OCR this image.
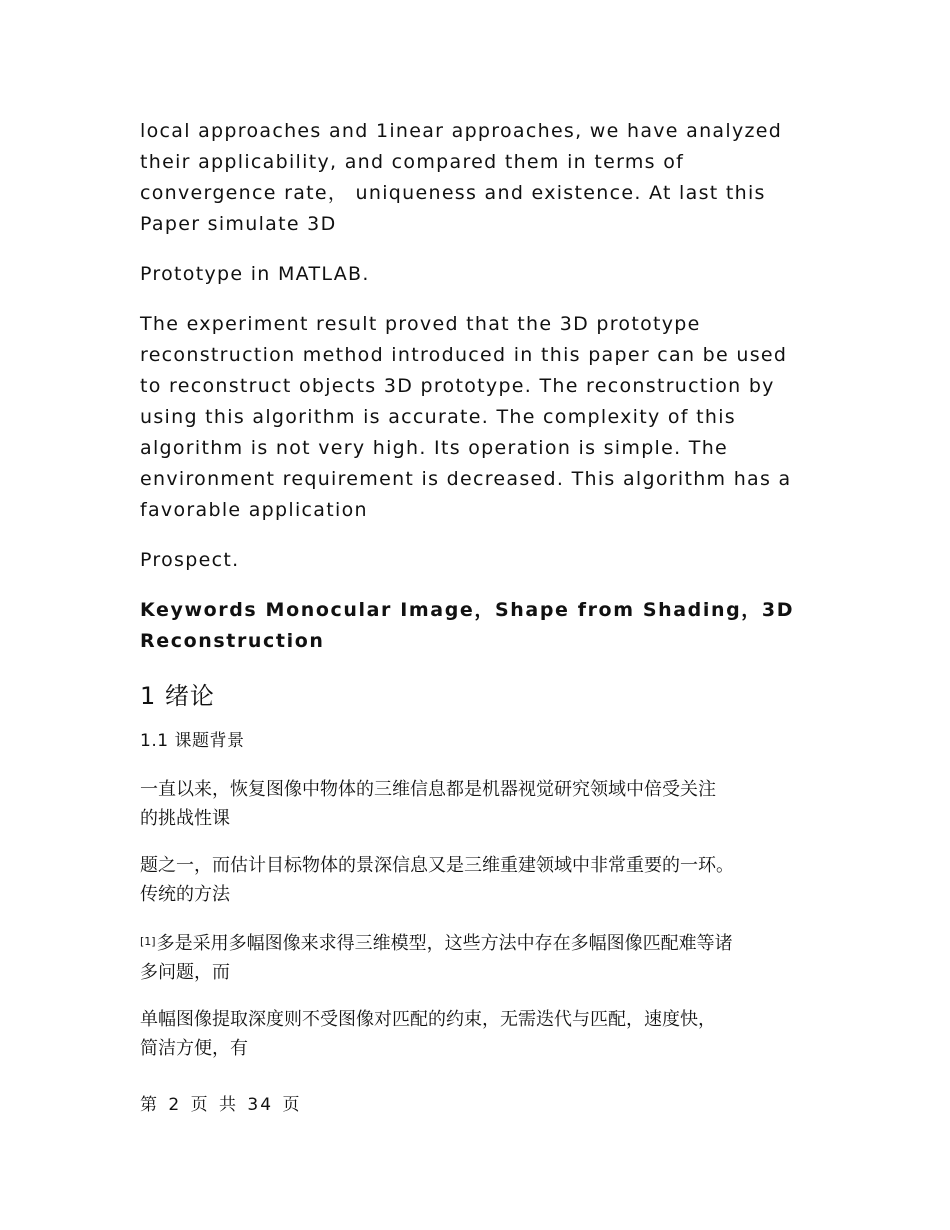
local approaches and 1inear approaches, we have analyzed
their applicability, and compared them in terms of
convergence rate， uniqueness and existence. At last this
Paper simulate 3D

Prototype in MATLAB.

The experiment result proved that the 3D prototype
reconstruction method introduced in this paper can be used
to reconstruct objects 3D prototype. The reconstruction by
using this algorithm is accurate. The complexity of this
algorithm is not very high. Its operation is simple. The
environment requirement is decreased. This algorithm has a
favorable application

Prospect.

Keywords Monocular Image，Shape from Shading，3D
Reconstruction

1 绪论
1.1 课题背景

一直以来，恢复图像中物体的三维信息都是机器视觉研究领域中倍受关注
的挑战性课

题之一，而估计目标物体的景深信息又是三维重建领域中非常重要的一环。
传统的方法

[1]多是采用多幅图像来求得三维模型，这些方法中存在多幅图像匹配难等诸
多问题，而

单幅图像提取深度则不受图像对匹配的约束，无需迭代与匹配，速度快，
简洁方便，有

第 2 页 共 34 页
